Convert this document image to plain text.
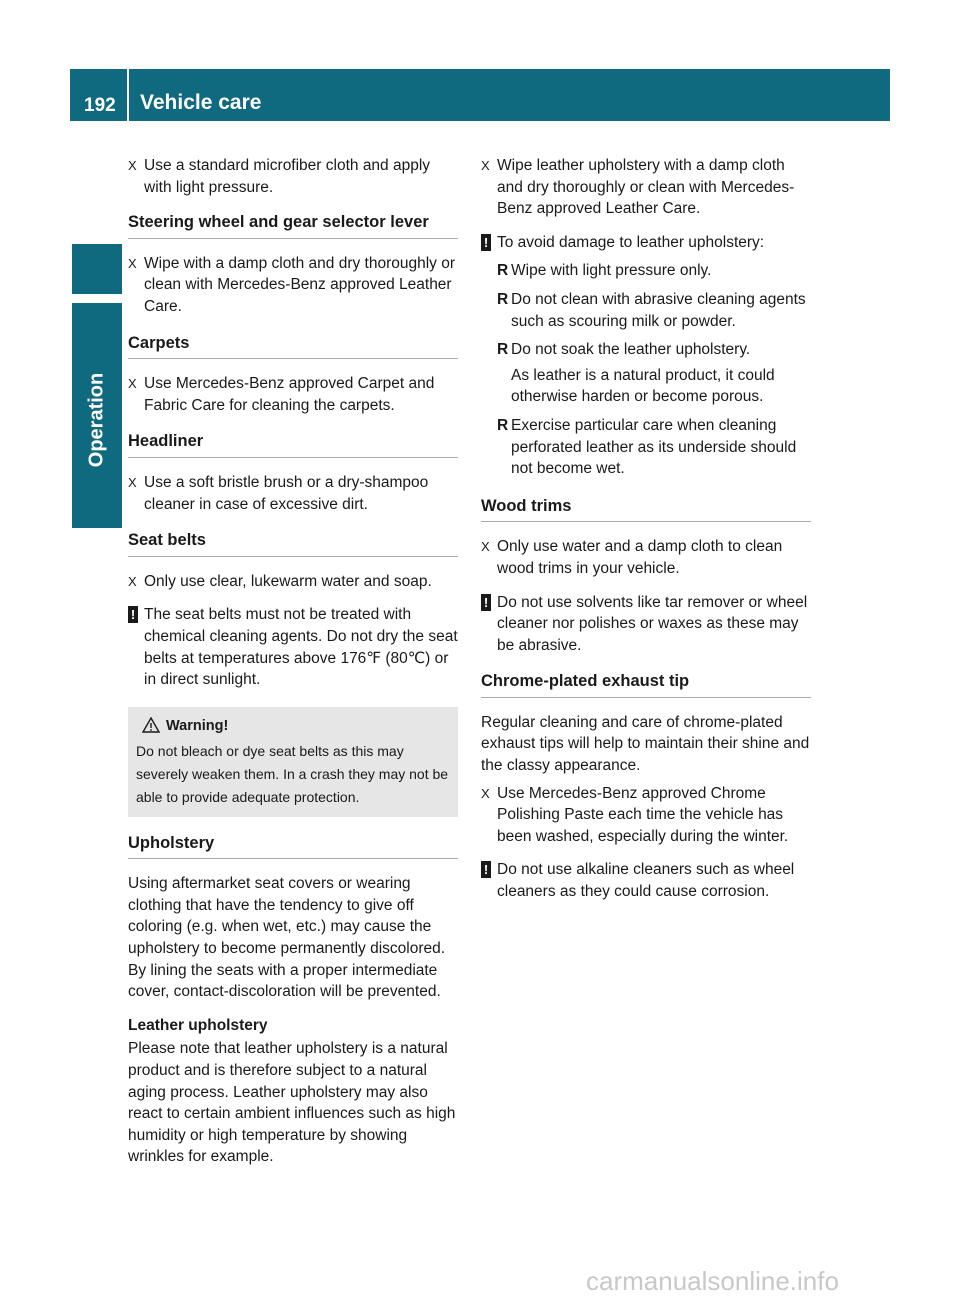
192 Vehicle care
Operation
X Use a standard microfiber cloth and apply with light pressure.
Steering wheel and gear selector lever
X Wipe with a damp cloth and dry thoroughly or clean with Mercedes-Benz approved Leather Care.
Carpets
X Use Mercedes-Benz approved Carpet and Fabric Care for cleaning the carpets.
Headliner
X Use a soft bristle brush or a dry-shampoo cleaner in case of excessive dirt.
Seat belts
X Only use clear, lukewarm water and soap.
! The seat belts must not be treated with chemical cleaning agents. Do not dry the seat belts at temperatures above 176℉ (80℃) or in direct sunlight.
Warning!
Do not bleach or dye seat belts as this may severely weaken them. In a crash they may not be able to provide adequate protection.
Upholstery
Using aftermarket seat covers or wearing clothing that have the tendency to give off coloring (e.g. when wet, etc.) may cause the upholstery to become permanently discolored. By lining the seats with a proper intermediate cover, contact-discoloration will be prevented.
Leather upholstery
Please note that leather upholstery is a natural product and is therefore subject to a natural aging process. Leather upholstery may also react to certain ambient influences such as high humidity or high temperature by showing wrinkles for example.
X Wipe leather upholstery with a damp cloth and dry thoroughly or clean with Mercedes-Benz approved Leather Care.
! To avoid damage to leather upholstery:
R Wipe with light pressure only.
R Do not clean with abrasive cleaning agents such as scouring milk or powder.
R Do not soak the leather upholstery.
As leather is a natural product, it could otherwise harden or become porous.
R Exercise particular care when cleaning perforated leather as its underside should not become wet.
Wood trims
X Only use water and a damp cloth to clean wood trims in your vehicle.
! Do not use solvents like tar remover or wheel cleaner nor polishes or waxes as these may be abrasive.
Chrome-plated exhaust tip
Regular cleaning and care of chrome-plated exhaust tips will help to maintain their shine and the classy appearance.
X Use Mercedes-Benz approved Chrome Polishing Paste each time the vehicle has been washed, especially during the winter.
! Do not use alkaline cleaners such as wheel cleaners as they could cause corrosion.
carmanualsonline.info
